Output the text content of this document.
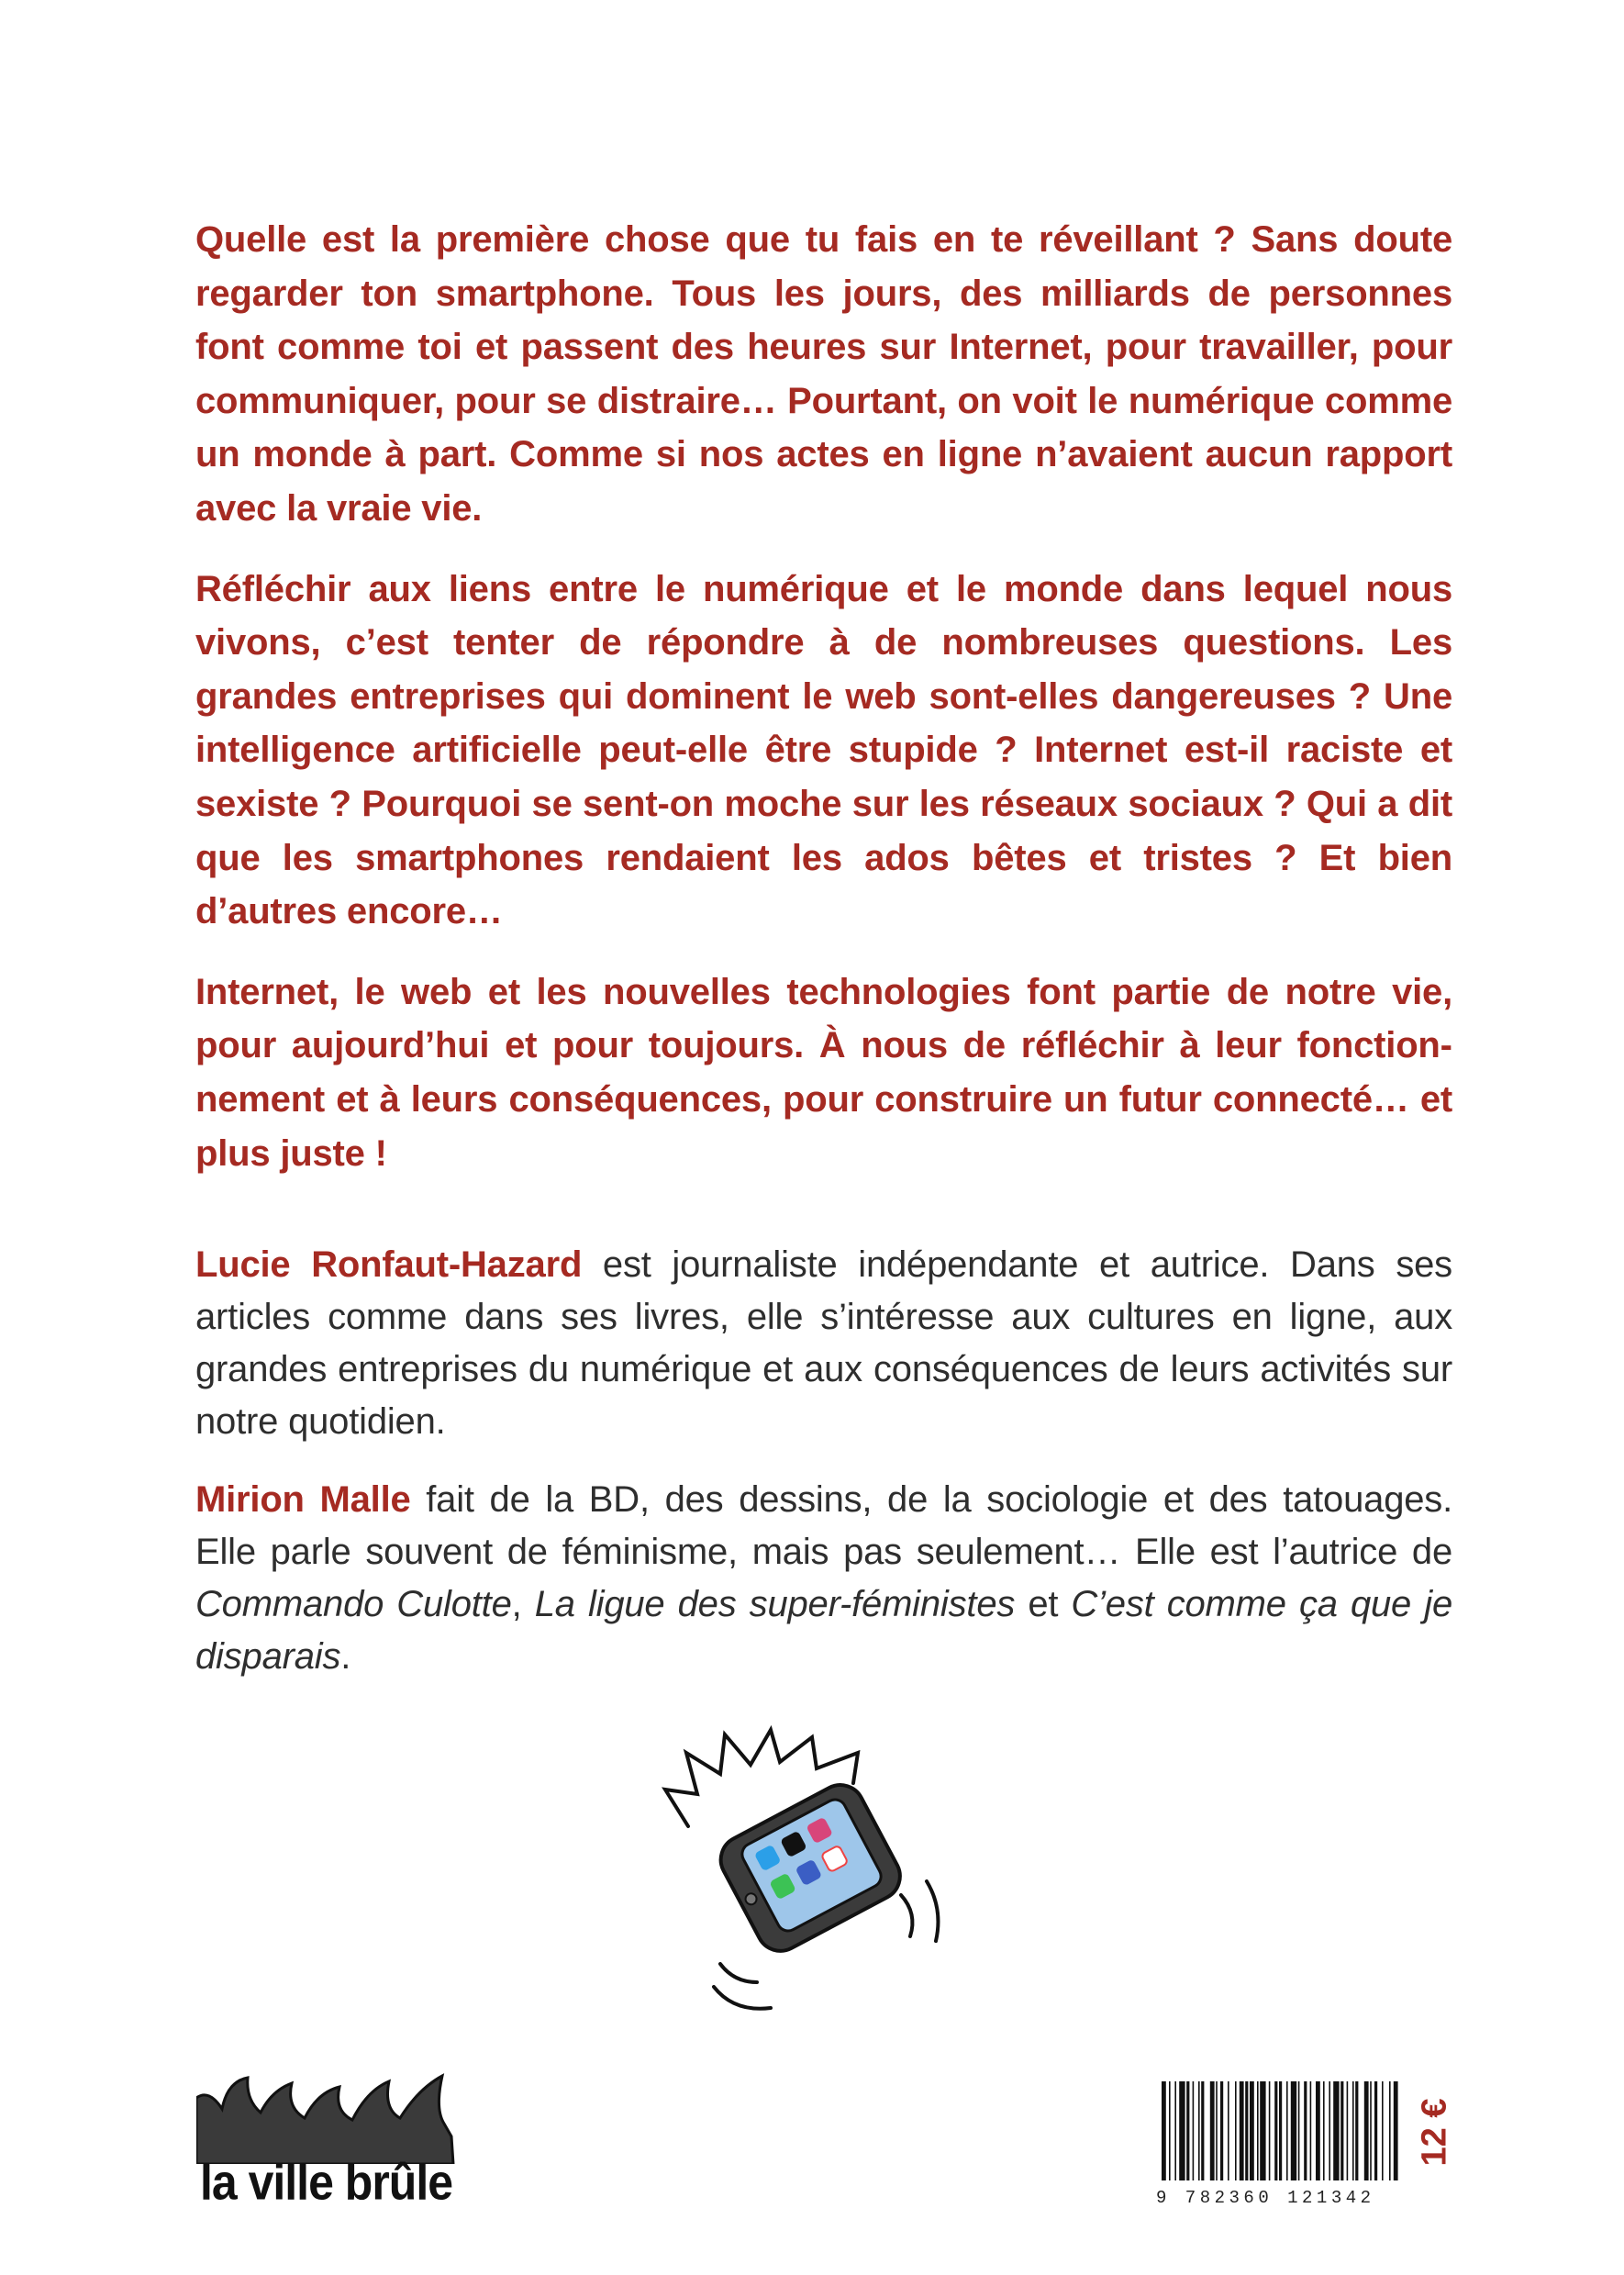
Quelle est la première chose que tu fais en te réveillant ? Sans doute regarder ton smartphone. Tous les jours, des milliards de personnes font comme toi et passent des heures sur Internet, pour travailler, pour communiquer, pour se distraire… Pourtant, on voit le numérique comme un monde à part. Comme si nos actes en ligne n’avaient aucun rapport avec la vraie vie.

Réfléchir aux liens entre le numérique et le monde dans lequel nous vivons, c’est tenter de répondre à de nombreuses questions. Les grandes entreprises qui dominent le web sont-elles dangereuses ? Une intelligence artificielle peut-elle être stupide ? Internet est-il raciste et sexiste ? Pourquoi se sent-on moche sur les réseaux sociaux ? Qui a dit que les smartphones rendaient les ados bêtes et tristes ? Et bien d’autres encore…

Internet, le web et les nouvelles technologies font partie de notre vie, pour aujourd’hui et pour toujours. À nous de réfléchir à leur fonctionnement et à leurs conséquences, pour construire un futur connecté… et plus juste !

Lucie Ronfaut-Hazard est journaliste indépendante et autrice. Dans ses articles comme dans ses livres, elle s’intéresse aux cultures en ligne, aux grandes entreprises du numérique et aux conséquences de leurs activités sur notre quotidien.

Mirion Malle fait de la BD, des dessins, de la sociologie et des tatouages. Elle parle souvent de féminisme, mais pas seulement… Elle est l’autrice de Commando Culotte, La ligue des super-féministes et C’est comme ça que je disparais.

la ville brûle	9 782360 121342
12 €
